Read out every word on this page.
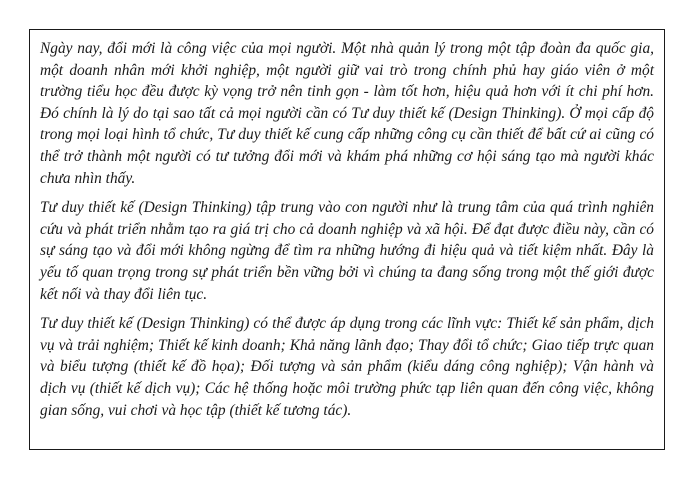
Ngày nay, đổi mới là công việc của mọi người. Một nhà quản lý trong một tập đoàn đa quốc gia, một doanh nhân mới khởi nghiệp, một người giữ vai trò trong chính phủ hay giáo viên ở một trường tiểu học đều được kỳ vọng trở nên tinh gọn - làm tốt hơn, hiệu quả hơn với ít chi phí hơn. Đó chính là lý do tại sao tất cả mọi người cần có Tư duy thiết kế (Design Thinking). Ở mọi cấp độ trong mọi loại hình tổ chức, Tư duy thiết kế cung cấp những công cụ cần thiết để bất cứ ai cũng có thể trở thành một người có tư tưởng đổi mới và khám phá những cơ hội sáng tạo mà người khác chưa nhìn thấy.

Tư duy thiết kế (Design Thinking) tập trung vào con người như là trung tâm của quá trình nghiên cứu và phát triển nhằm tạo ra giá trị cho cả doanh nghiệp và xã hội. Để đạt được điều này, cần có sự sáng tạo và đổi mới không ngừng để tìm ra những hướng đi hiệu quả và tiết kiệm nhất. Đây là yếu tố quan trọng trong sự phát triển bền vững bởi vì chúng ta đang sống trong một thế giới được kết nối và thay đổi liên tục.

Tư duy thiết kế (Design Thinking) có thể được áp dụng trong các lĩnh vực: Thiết kế sản phẩm, dịch vụ và trải nghiệm; Thiết kế kinh doanh; Khả năng lãnh đạo; Thay đổi tổ chức; Giao tiếp trực quan và biểu tượng (thiết kế đồ họa); Đối tượng và sản phẩm (kiểu dáng công nghiệp); Vận hành và dịch vụ (thiết kế dịch vụ); Các hệ thống hoặc môi trường phức tạp liên quan đến công việc, không gian sống, vui chơi và học tập (thiết kế tương tác).
